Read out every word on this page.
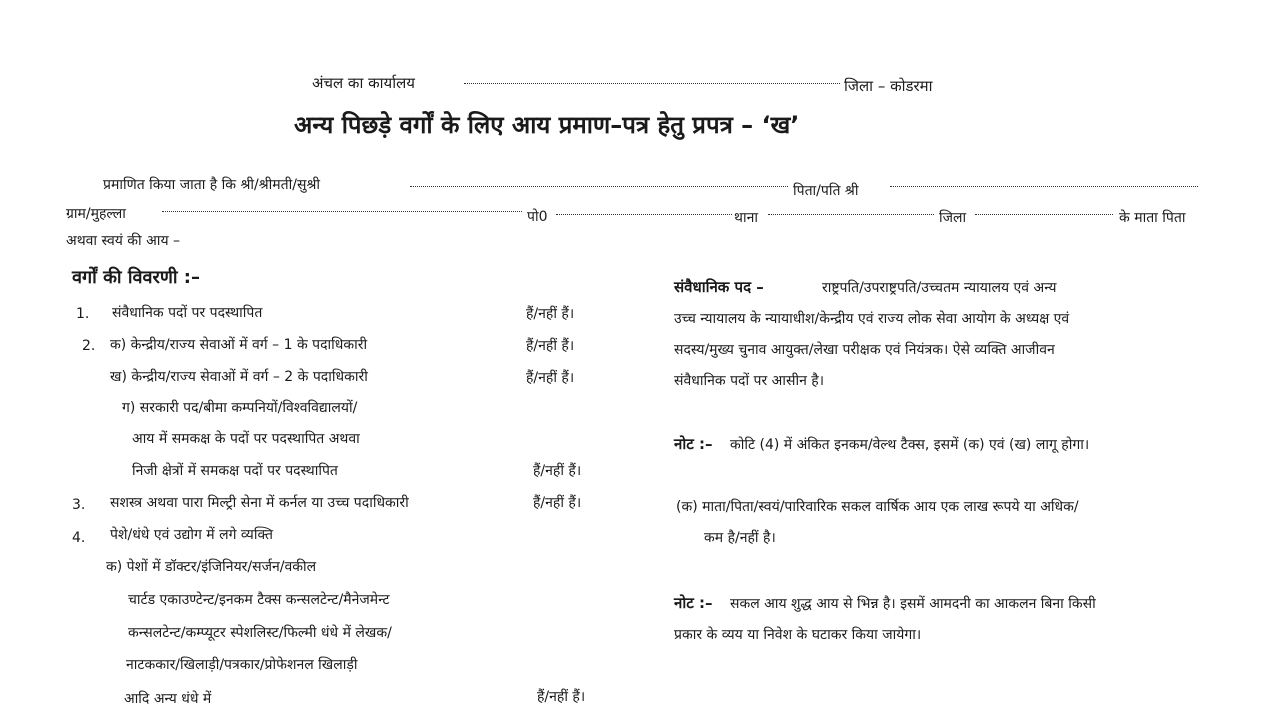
अंचल का कार्यालय	जिला – कोडरमा
अन्य पिछड़े वर्गों के लिए आय प्रमाण–पत्र हेतु प्रपत्र – ‘ख’
प्रमाणित किया जाता है कि श्री/श्रीमती/सुश्री	पिता/पति श्री
ग्राम/मुहल्ला	पो0	थाना	जिला	के माता पिता
अथवा स्वयं की आय –
वर्गों की विवरणी :–
1. संवैधानिक पदों पर पदस्थापित	हैं/नहीं हैं।
2. क) केन्द्रीय/राज्य सेवाओं में वर्ग – 1 के पदाधिकारी	हैं/नहीं हैं।
ख) केन्द्रीय/राज्य सेवाओं में वर्ग – 2 के पदाधिकारी	हैं/नहीं हैं।
ग) सरकारी पद/बीमा कम्पनियों/विश्वविद्यालयों/
आय में समकक्ष के पदों पर पदस्थापित अथवा
निजी क्षेत्रों में समकक्ष पदों पर पदस्थापित	हैं/नहीं हैं।
3. सशस्त्र अथवा पारा मिल्ट्री सेना में कर्नल या उच्च पदाधिकारी	हैं/नहीं हैं।
4. पेशे/धंधे एवं उद्योग में लगे व्यक्ति
क) पेशों में डॉक्टर/इंजिनियर/सर्जन/वकील
चार्टड एकाउण्टेन्ट/इनकम टैक्स कन्सलटेन्ट/मैनेजमेन्ट
कन्सलटेन्ट/कम्प्यूटर स्पेशलिस्ट/फिल्मी धंधे में लेखक/
नाटककार/खिलाड़ी/पत्रकार/प्रोफेशनल खिलाड़ी
आदि अन्य धंधे में	हैं/नहीं हैं।
संवैधानिक पद –	राष्ट्रपति/उपराष्ट्रपति/उच्चतम न्यायालय एवं अन्य
उच्च न्यायालय के न्यायाधीश/केन्द्रीय एवं राज्य लोक सेवा आयोग के अध्यक्ष एवं
सदस्य/मुख्य चुनाव आयुक्त/लेखा परीक्षक एवं नियंत्रक। ऐसे व्यक्ति आजीवन
संवैधानिक पदों पर आसीन है।
नोट :– कोटि (4) में अंकित इनकम/वेल्थ टैक्स, इसमें (क) एवं (ख) लागू होगा।
(क) माता/पिता/स्वयं/पारिवारिक सकल वार्षिक आय एक लाख रूपये या अधिक/
कम है/नहीं है।
नोट :– सकल आय शुद्ध आय से भिन्न है। इसमें आमदनी का आकलन बिना किसी
प्रकार के व्यय या निवेश के घटाकर किया जायेगा।
